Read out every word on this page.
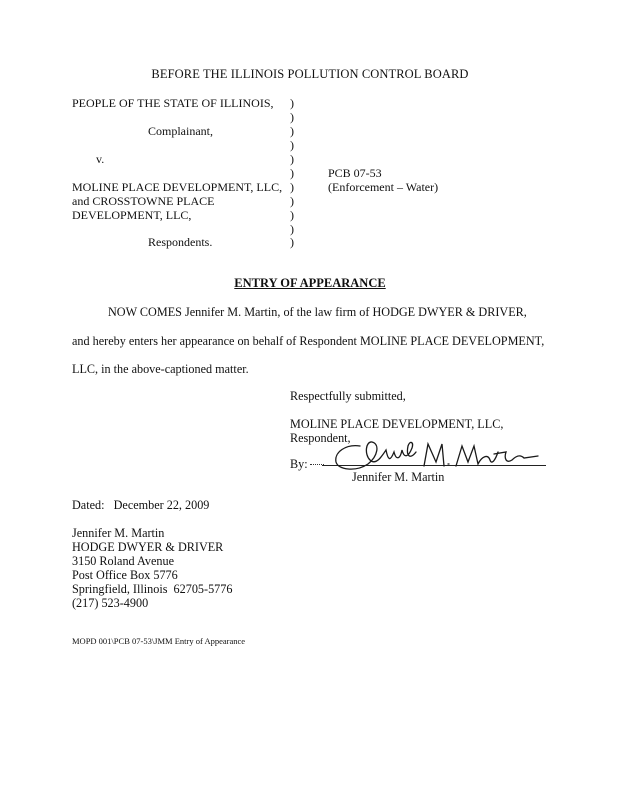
BEFORE THE ILLINOIS POLLUTION CONTROL BOARD
PEOPLE OF THE STATE OF ILLINOIS,
Complainant,
v.
MOLINE PLACE DEVELOPMENT, LLC,
and CROSSTOWNE PLACE
DEVELOPMENT, LLC,
Respondents.
)
)
)
)
)
)
)
)
)
)
)
PCB 07-53
(Enforcement – Water)
ENTRY OF APPEARANCE
NOW COMES Jennifer M. Martin, of the law firm of HODGE DWYER & DRIVER,
and hereby enters her appearance on behalf of Respondent MOLINE PLACE DEVELOPMENT,
LLC, in the above-captioned matter.
Respectfully submitted,
MOLINE PLACE DEVELOPMENT, LLC,
Respondent,
By:
Jennifer M. Martin Jennifer M. Martin
Dated:   December 22, 2009
Jennifer M. Martin
HODGE DWYER & DRIVER
3150 Roland Avenue
Post Office Box 5776
Springfield, Illinois  62705-5776
(217) 523-4900
MOPD 001\PCB 07-53\JMM Entry of Appearance
